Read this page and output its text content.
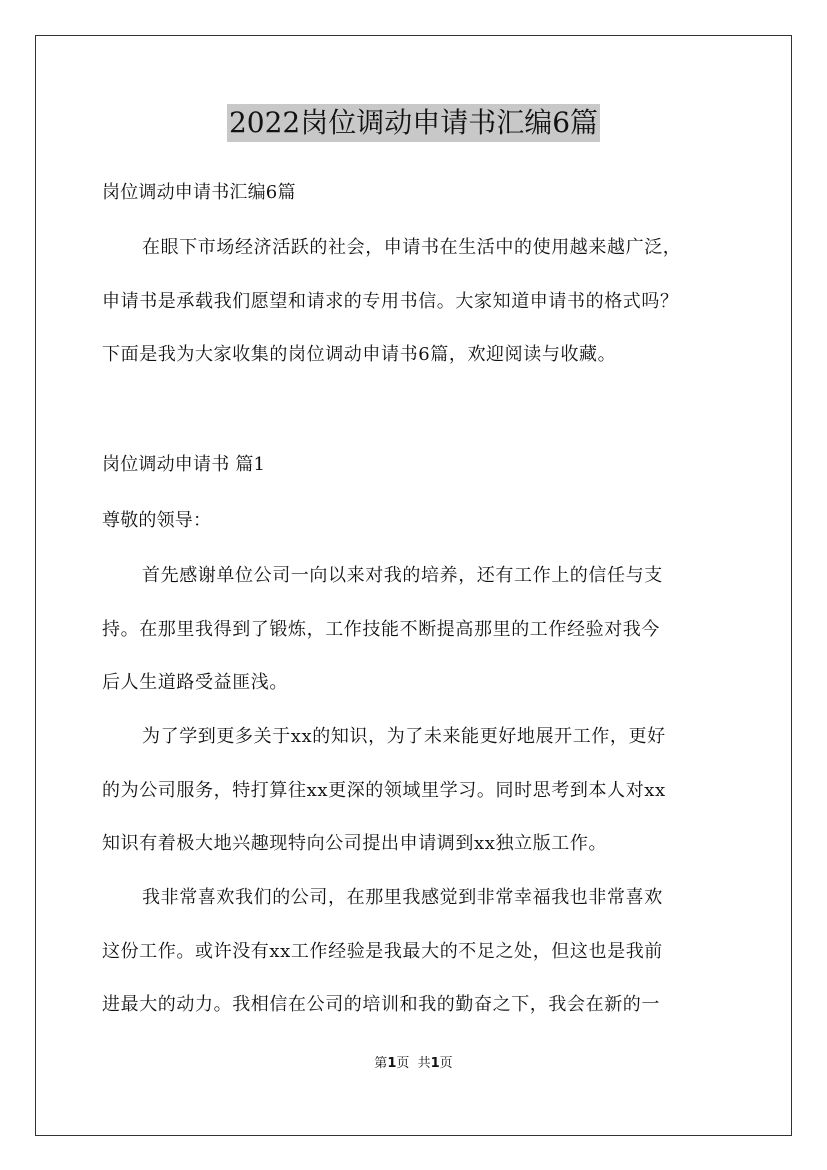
2022岗位调动申请书汇编6篇
岗位调动申请书汇编6篇
在眼下市场经济活跃的社会，申请书在生活中的使用越来越广泛，
申请书是承载我们愿望和请求的专用书信。大家知道申请书的格式吗？
下面是我为大家收集的岗位调动申请书6篇，欢迎阅读与收藏。
岗位调动申请书 篇1
尊敬的领导：
首先感谢单位公司一向以来对我的培养，还有工作上的信任与支
持。在那里我得到了锻炼，工作技能不断提高那里的工作经验对我今
后人生道路受益匪浅。
为了学到更多关于xx的知识，为了未来能更好地展开工作，更好
的为公司服务，特打算往xx更深的领域里学习。同时思考到本人对xx
知识有着极大地兴趣现特向公司提出申请调到xx独立版工作。
我非常喜欢我们的公司，在那里我感觉到非常幸福我也非常喜欢
这份工作。或许没有xx工作经验是我最大的不足之处，但这也是我前
进最大的动力。我相信在公司的培训和我的勤奋之下，我会在新的一
第1页  共1页
